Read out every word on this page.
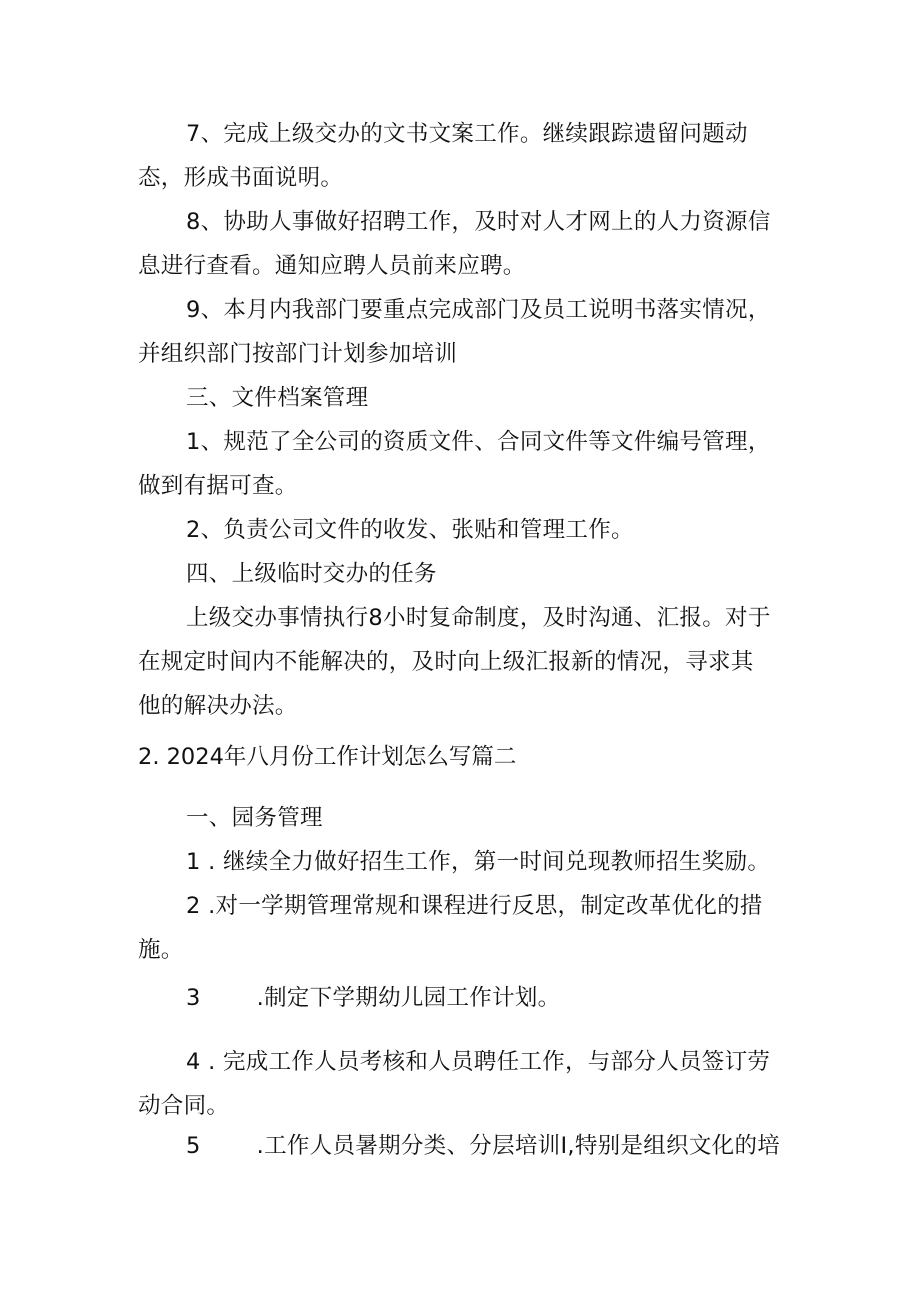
7、完成上级交办的文书文案工作。继续跟踪遗留问题动
态，形成书面说明。
8、协助人事做好招聘工作，及时对人才网上的人力资源信
息进行查看。通知应聘人员前来应聘。
9、本月内我部门要重点完成部门及员工说明书落实情况，
并组织部门按部门计划参加培训
三、文件档案管理
1、规范了全公司的资质文件、合同文件等文件编号管理，
做到有据可查。
2、负责公司文件的收发、张贴和管理工作。
四、上级临时交办的任务
上级交办事情执行8小时复命制度，及时沟通、汇报。对于
在规定时间内不能解决的，及时向上级汇报新的情况，寻求其
他的解决办法。
2. 2024年八月份工作计划怎么写篇二
一、园务管理
1 . 继续全力做好招生工作，第一时间兑现教师招生奖励。
2 .对一学期管理常规和课程进行反思，制定改革优化的措
施。
3 .制定下学期幼儿园工作计划。
4 . 完成工作人员考核和人员聘任工作，与部分人员签订劳
动合同。
5 .工作人员暑期分类、分层培训I,特别是组织文化的培
